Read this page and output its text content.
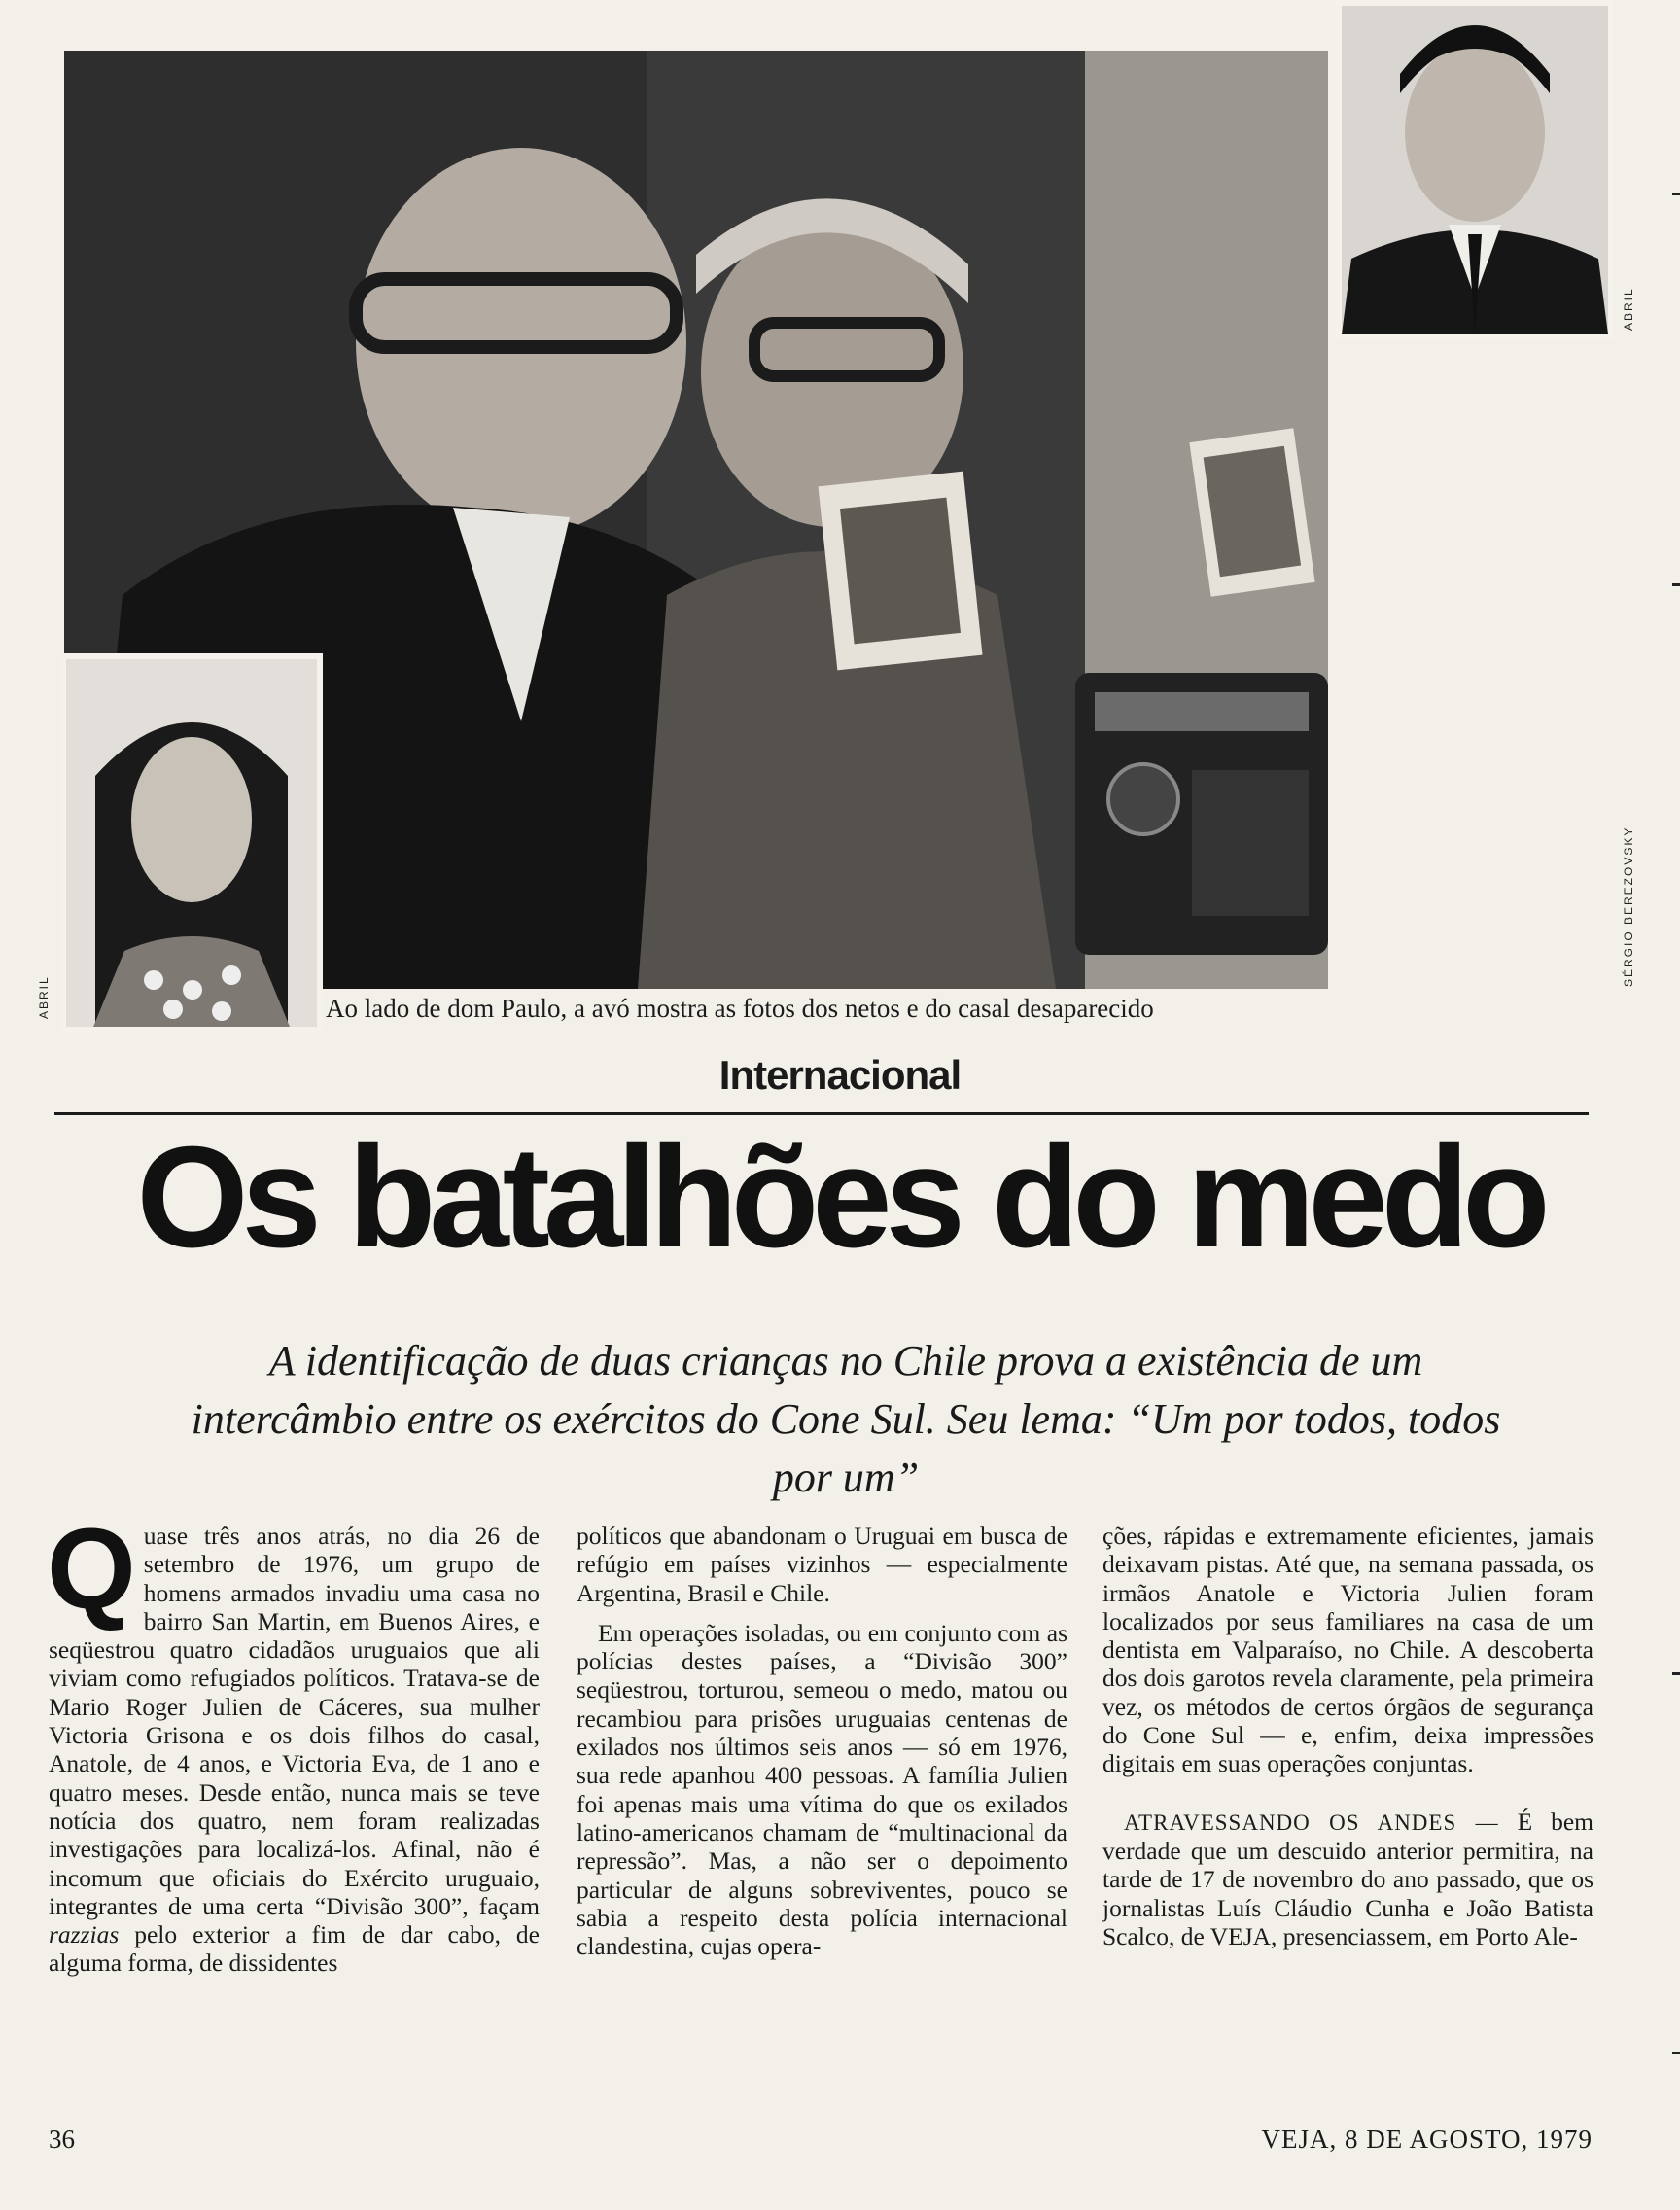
ABRIL
SÉRGIO BEREZOVSKY
ABRIL	Ao lado de dom Paulo, a avó mostra as fotos dos netos e do casal desaparecido
Internacional
Os batalhões do medo
A identificação de duas crianças no Chile prova a existência de um intercâmbio entre os exércitos do Cone Sul. Seu lema: “Um por todos, todos por um”

Quase três anos atrás, no dia 26 de setembro de 1976, um grupo de homens armados invadiu uma casa no bairro San Martin, em Buenos Aires, e seqüestrou quatro cidadãos uruguaios que ali viviam como refugiados políticos. Tratava-se de Mario Roger Julien de Cáceres, sua mulher Victoria Grisona e os dois filhos do casal, Anatole, de 4 anos, e Victoria Eva, de 1 ano e quatro meses. Desde então, nunca mais se teve notícia dos quatro, nem foram realizadas investigações para localizá-los. Afinal, não é incomum que oficiais do Exército uruguaio, integrantes de uma certa “Divisão 300”, façam razzias pelo exterior a fim de dar cabo, de alguma forma, de dissidentes

políticos que abandonam o Uruguai em busca de refúgio em países vizinhos — especialmente Argentina, Brasil e Chile.

Em operações isoladas, ou em conjunto com as polícias destes países, a “Divisão 300” seqüestrou, torturou, semeou o medo, matou ou recambiou para prisões uruguaias centenas de exilados nos últimos seis anos — só em 1976, sua rede apanhou 400 pessoas. A família Julien foi apenas mais uma vítima do que os exilados latino-americanos chamam de “multinacional da repressão”. Mas, a não ser o depoimento particular de alguns sobreviventes, pouco se sabia a respeito desta polícia internacional clandestina, cujas opera-

ções, rápidas e extremamente eficientes, jamais deixavam pistas. Até que, na semana passada, os irmãos Anatole e Victoria Julien foram localizados por seus familiares na casa de um dentista em Valparaíso, no Chile. A descoberta dos dois garotos revela claramente, pela primeira vez, os métodos de certos órgãos de segurança do Cone Sul — e, enfim, deixa impressões digitais em suas operações conjuntas.

ATRAVESSANDO OS ANDES — É bem verdade que um descuido anterior permitira, na tarde de 17 de novembro do ano passado, que os jornalistas Luís Cláudio Cunha e João Batista Scalco, de VEJA, presenciassem, em Porto Ale-

36	VEJA, 8 DE AGOSTO, 1979
